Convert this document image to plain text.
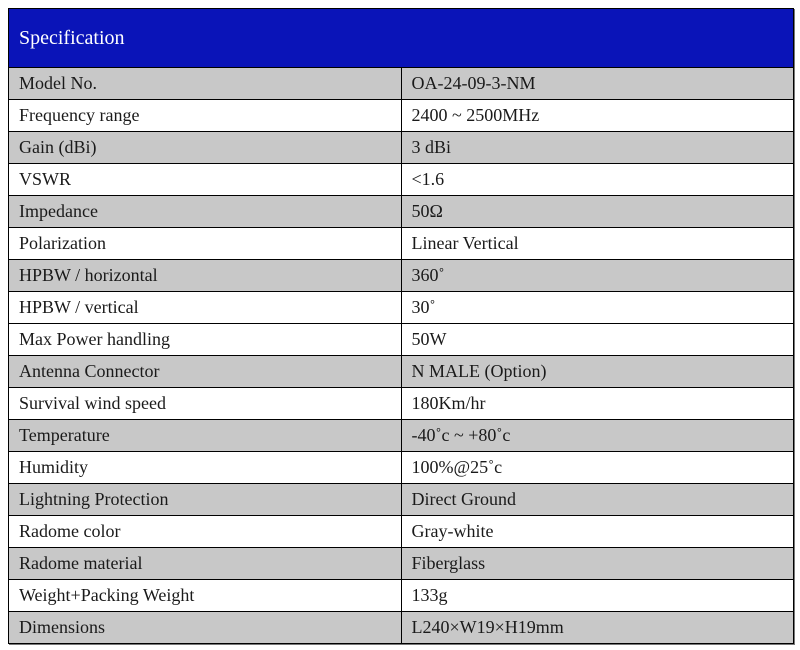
Specification	
Model No.	OA-24-09-3-NM
Frequency range	2400 ~ 2500MHz
Gain (dBi)	3 dBi
VSWR	<1.6
Impedance	50Ω
Polarization	Linear Vertical
HPBW / horizontal	360˚
HPBW / vertical	30˚
Max Power handling	50W
Antenna Connector	N MALE (Option)
Survival wind speed	180Km/hr
Temperature	-40˚c ~ +80˚c
Humidity	100%@25˚c
Lightning Protection	Direct Ground
Radome color	Gray-white
Radome material	Fiberglass
Weight+Packing Weight	133g
Dimensions	L240×W19×H19mm
